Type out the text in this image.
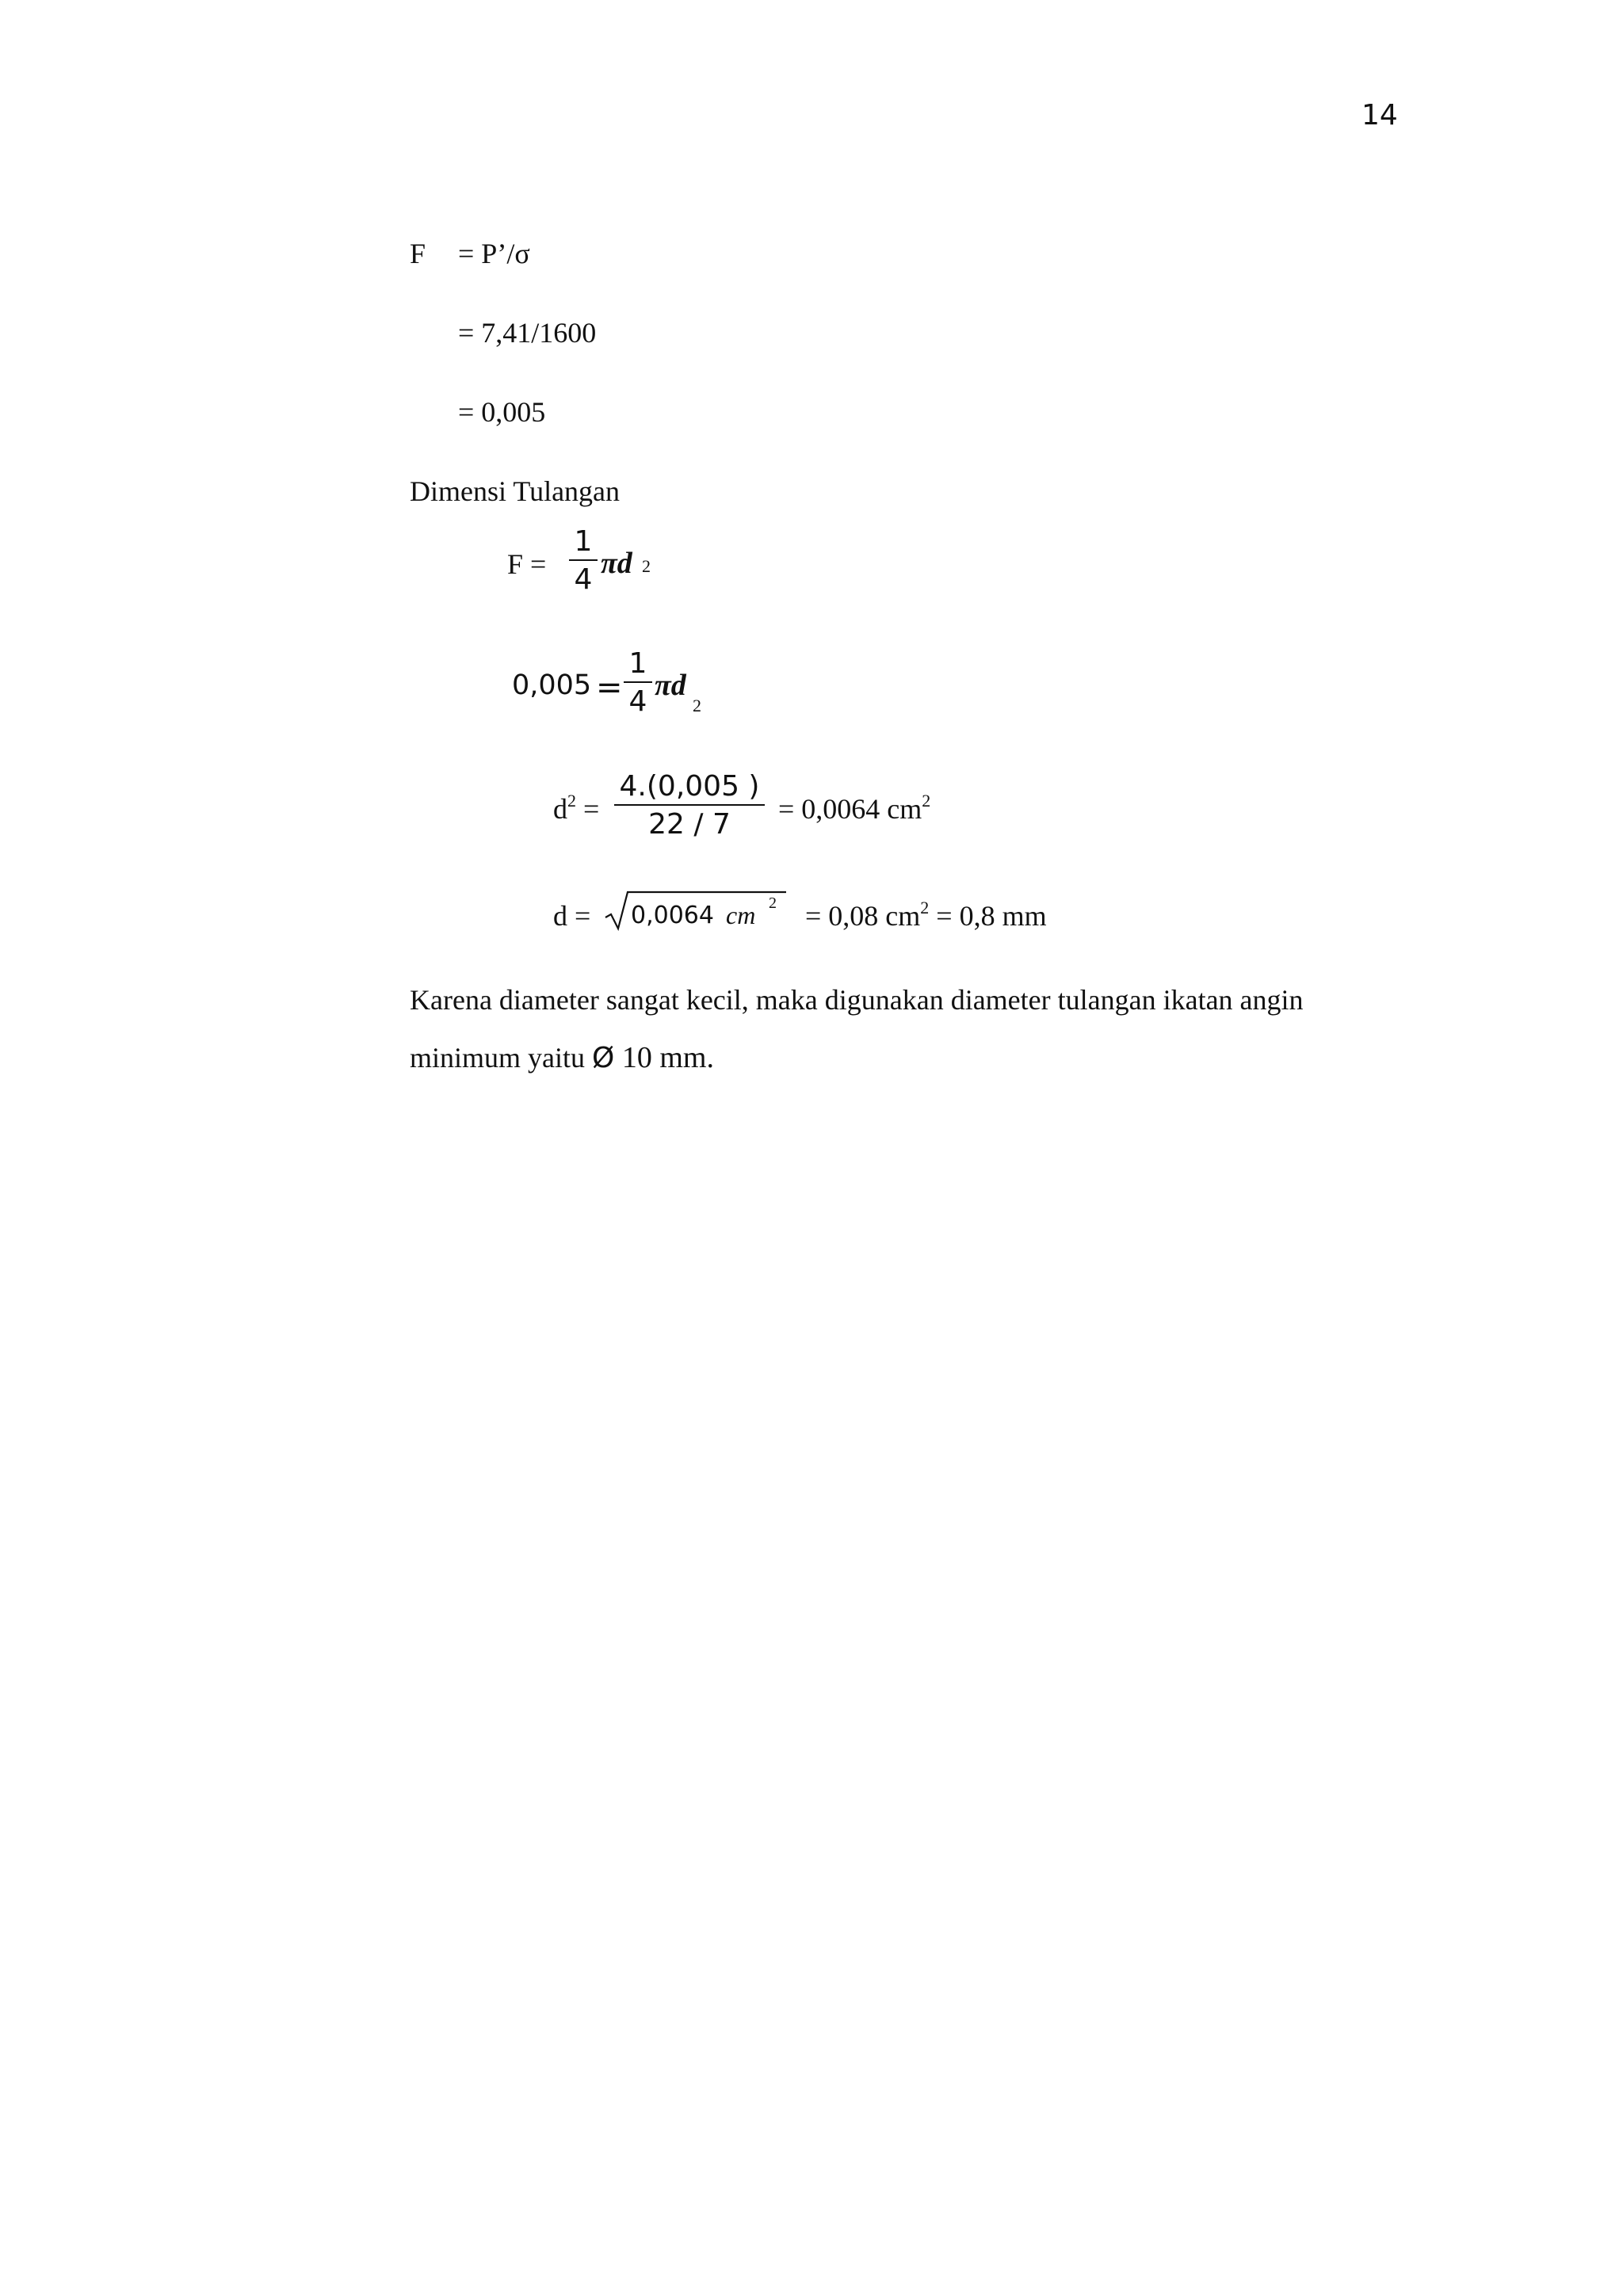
14
F = P’/σ
= 7,41/1600
= 0,005
Dimensi Tulangan
F =
1
4 πd 2
0,005 =
1
4 πd
2
$d^2$ =
4.(0,005 )
22 / 7	= 0,0064 $cm^2$
d = 0,0064 cm 2 = 0,08 $cm^2 = 0,8$ mm
Karena diameter sangat kecil, maka digunakan diameter tulangan ikatan angin
minimum yaitu Ø 10 mm.
